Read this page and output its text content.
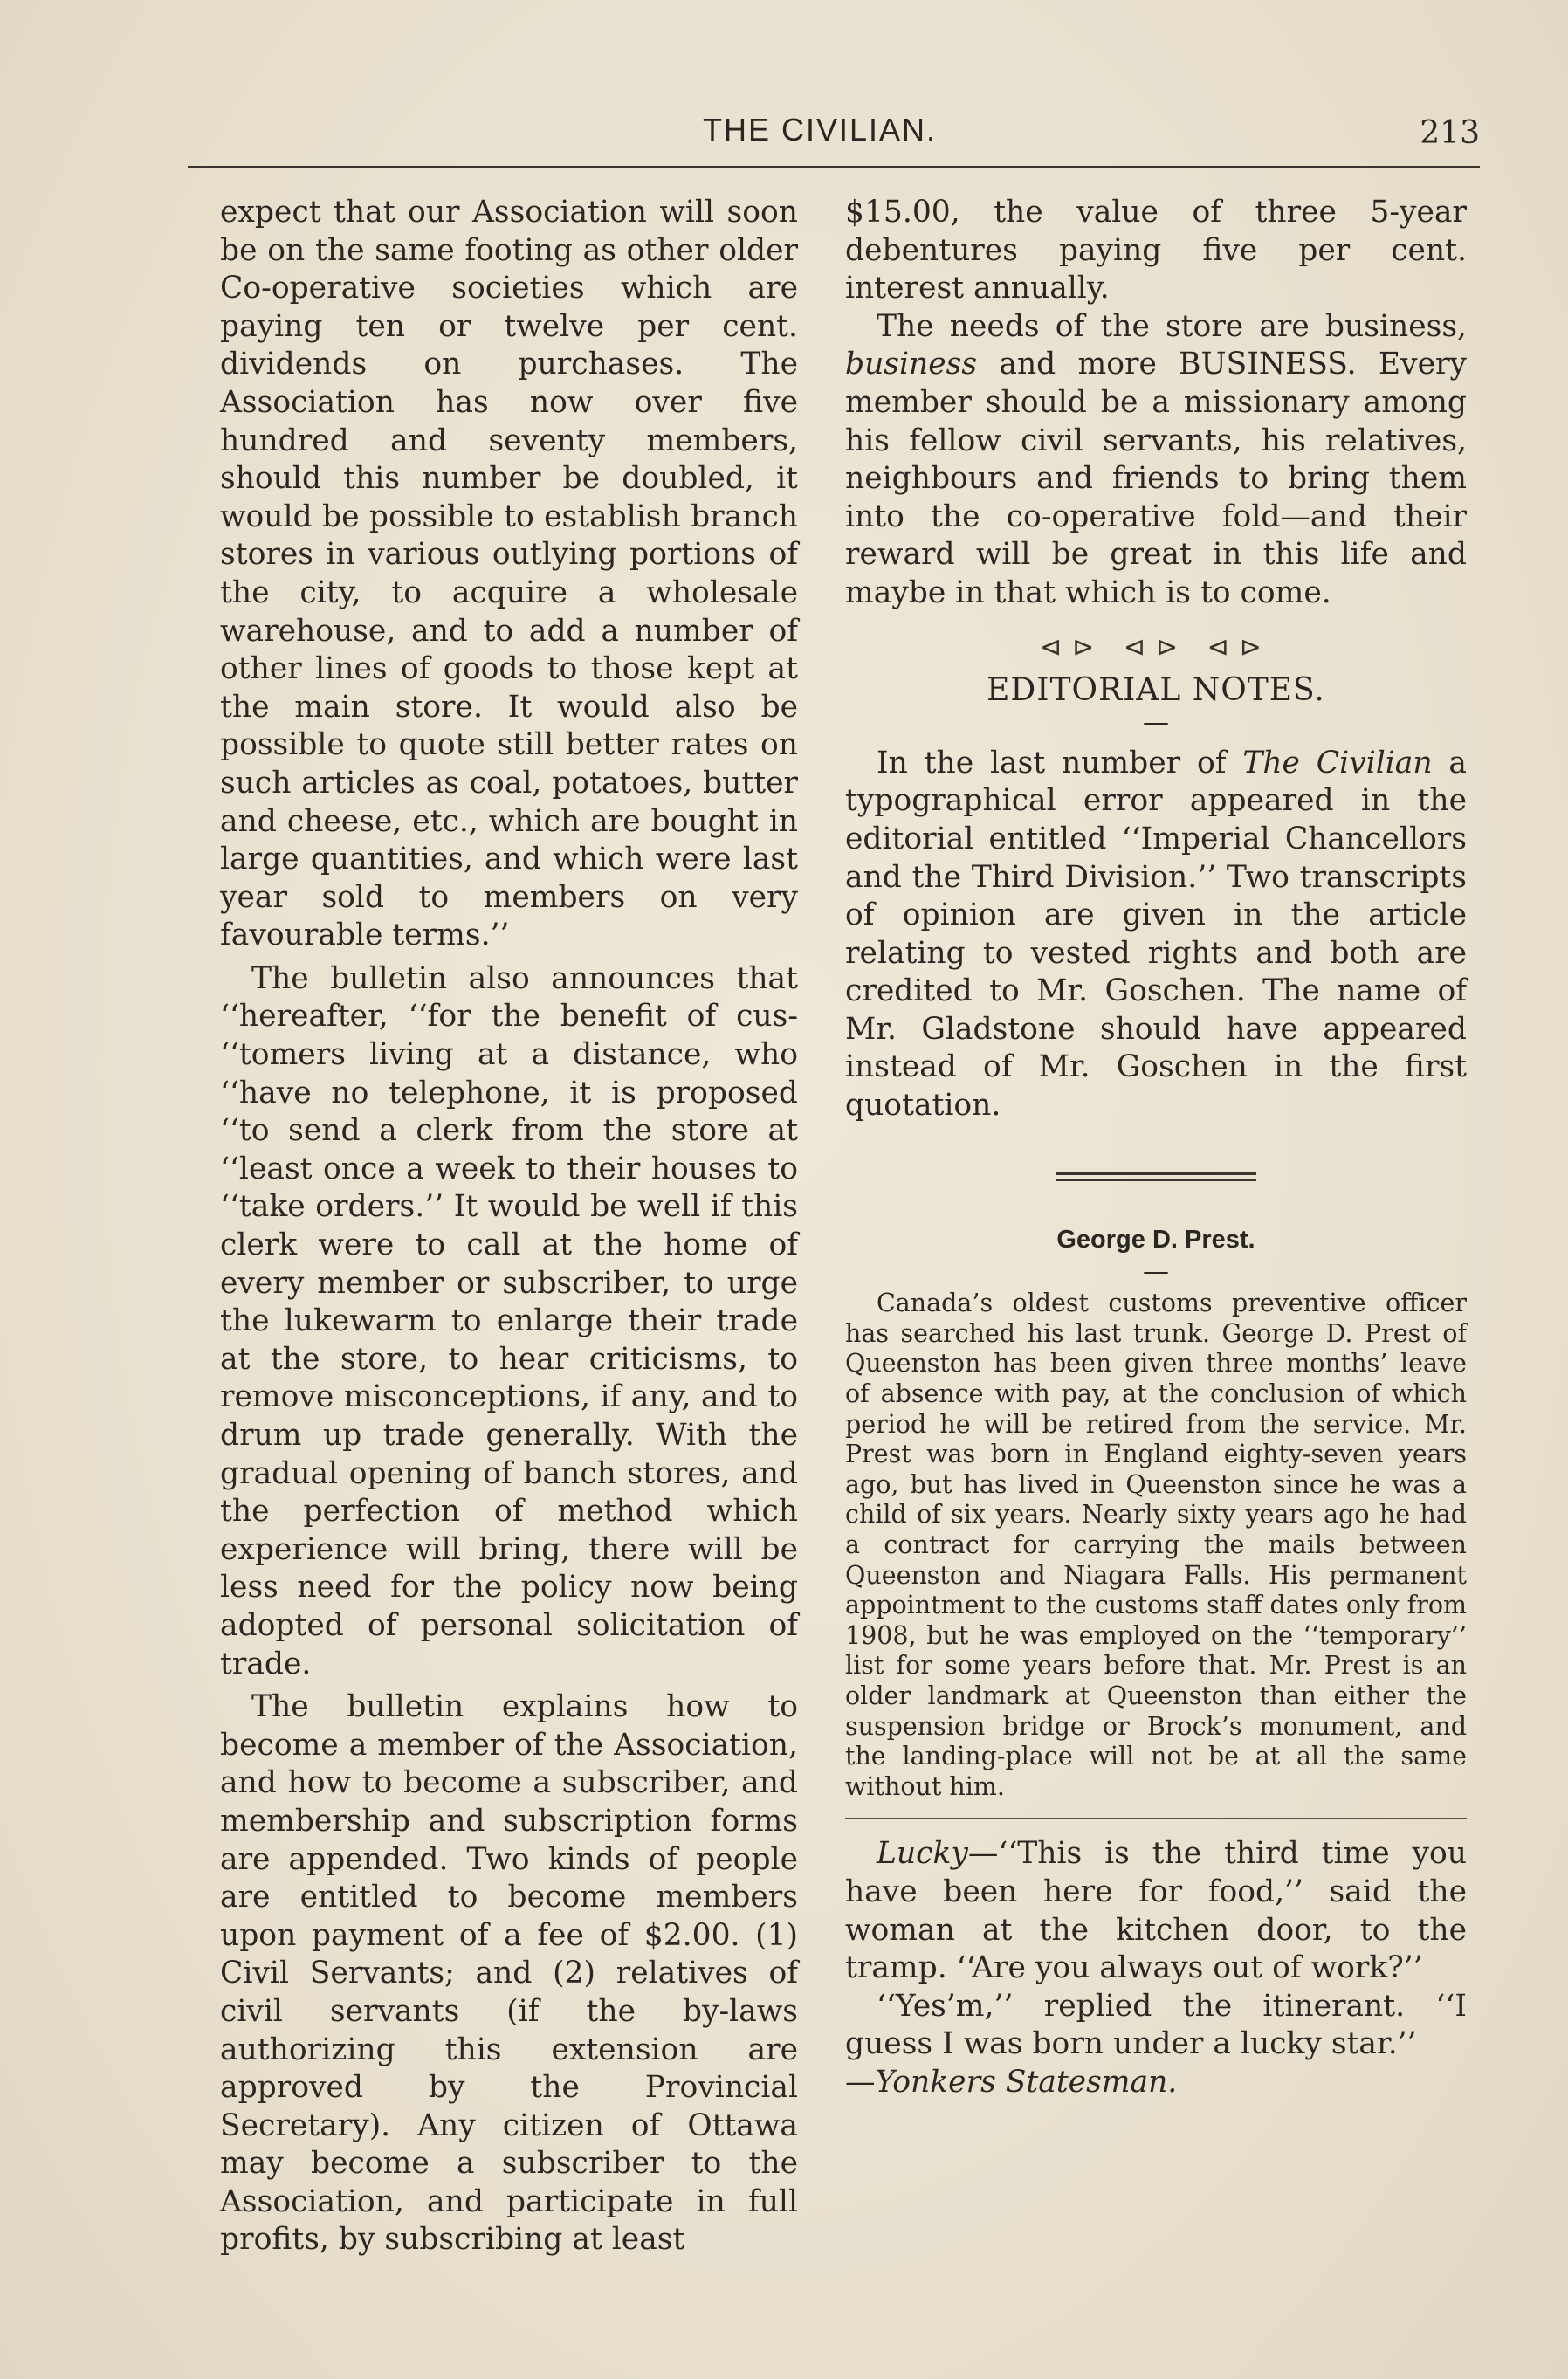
THE CIVILIAN.	213

expect that our Association will soon be on the same footing as other older Co-operative societies which are paying ten or twelve per cent. dividends on purchases. The Association has now over five hundred and seventy members, should this number be doubled, it would be possible to establish branch stores in various outlying portions of the city, to acquire a wholesale warehouse, and to add a number of other lines of goods to those kept at the main store. It would also be possible to quote still better rates on such articles as coal, potatoes, butter and cheese, etc., which are bought in large quantities, and which were last year sold to members on very favourable terms.’’

The bulletin also announces that ‘‘hereafter, ‘‘for the benefit of cus- ‘‘tomers living at a distance, who ‘‘have no telephone, it is proposed ‘‘to send a clerk from the store at ‘‘least once a week to their houses to ‘‘take orders.’’ It would be well if this clerk were to call at the home of every member or subscriber, to urge the lukewarm to enlarge their trade at the store, to hear criticisms, to remove misconceptions, if any, and to drum up trade generally. With the gradual opening of banch stores, and the perfection of method which experience will bring, there will be less need for the policy now being adopted of personal solicitation of trade.

The bulletin explains how to become a member of the Association, and how to become a subscriber, and membership and subscription forms are appended. Two kinds of people are entitled to become members upon payment of a fee of $2.00. (1) Civil Servants; and (2) relatives of civil servants (if the by-laws authorizing this extension are approved by the Provincial Secretary). Any citizen of Ottawa may become a subscriber to the Association, and participate in full profits, by subscribing at least

$15.00, the value of three 5-year debentures paying five per cent. interest annually.

The needs of the store are business, business and more BUSINESS. Every member should be a missionary among his fellow civil servants, his relatives, neighbours and friends to bring them into the co-operative fold—and their reward will be great in this life and maybe in that which is to come.

⊲⊳ ⊲⊳ ⊲⊳
EDITORIAL NOTES.
—

In the last number of The Civilian a typographical error appeared in the editorial entitled ‘‘Imperial Chancellors and the Third Division.’’ Two transcripts of opinion are given in the article relating to vested rights and both are credited to Mr. Goschen. The name of Mr. Gladstone should have appeared instead of Mr. Goschen in the first quotation.

George D. Prest.
—

Canada’s oldest customs preventive officer has searched his last trunk. George D. Prest of Queenston has been given three months’ leave of absence with pay, at the conclusion of which period he will be retired from the service. Mr. Prest was born in England eighty-seven years ago, but has lived in Queenston since he was a child of six years. Nearly sixty years ago he had a contract for carrying the mails between Queenston and Niagara Falls. His permanent appointment to the customs staff dates only from 1908, but he was employed on the ‘‘temporary’’ list for some years before that. Mr. Prest is an older landmark at Queenston than either the suspension bridge or Brock’s monument, and the landing-place will not be at all the same without him.

Lucky—‘‘This is the third time you have been here for food,’’ said the woman at the kitchen door, to the tramp. ‘‘Are you always out of work?’’

‘‘Yes’m,’’ replied the itinerant. ‘‘I guess I was born under a lucky star.’’

—Yonkers Statesman.
